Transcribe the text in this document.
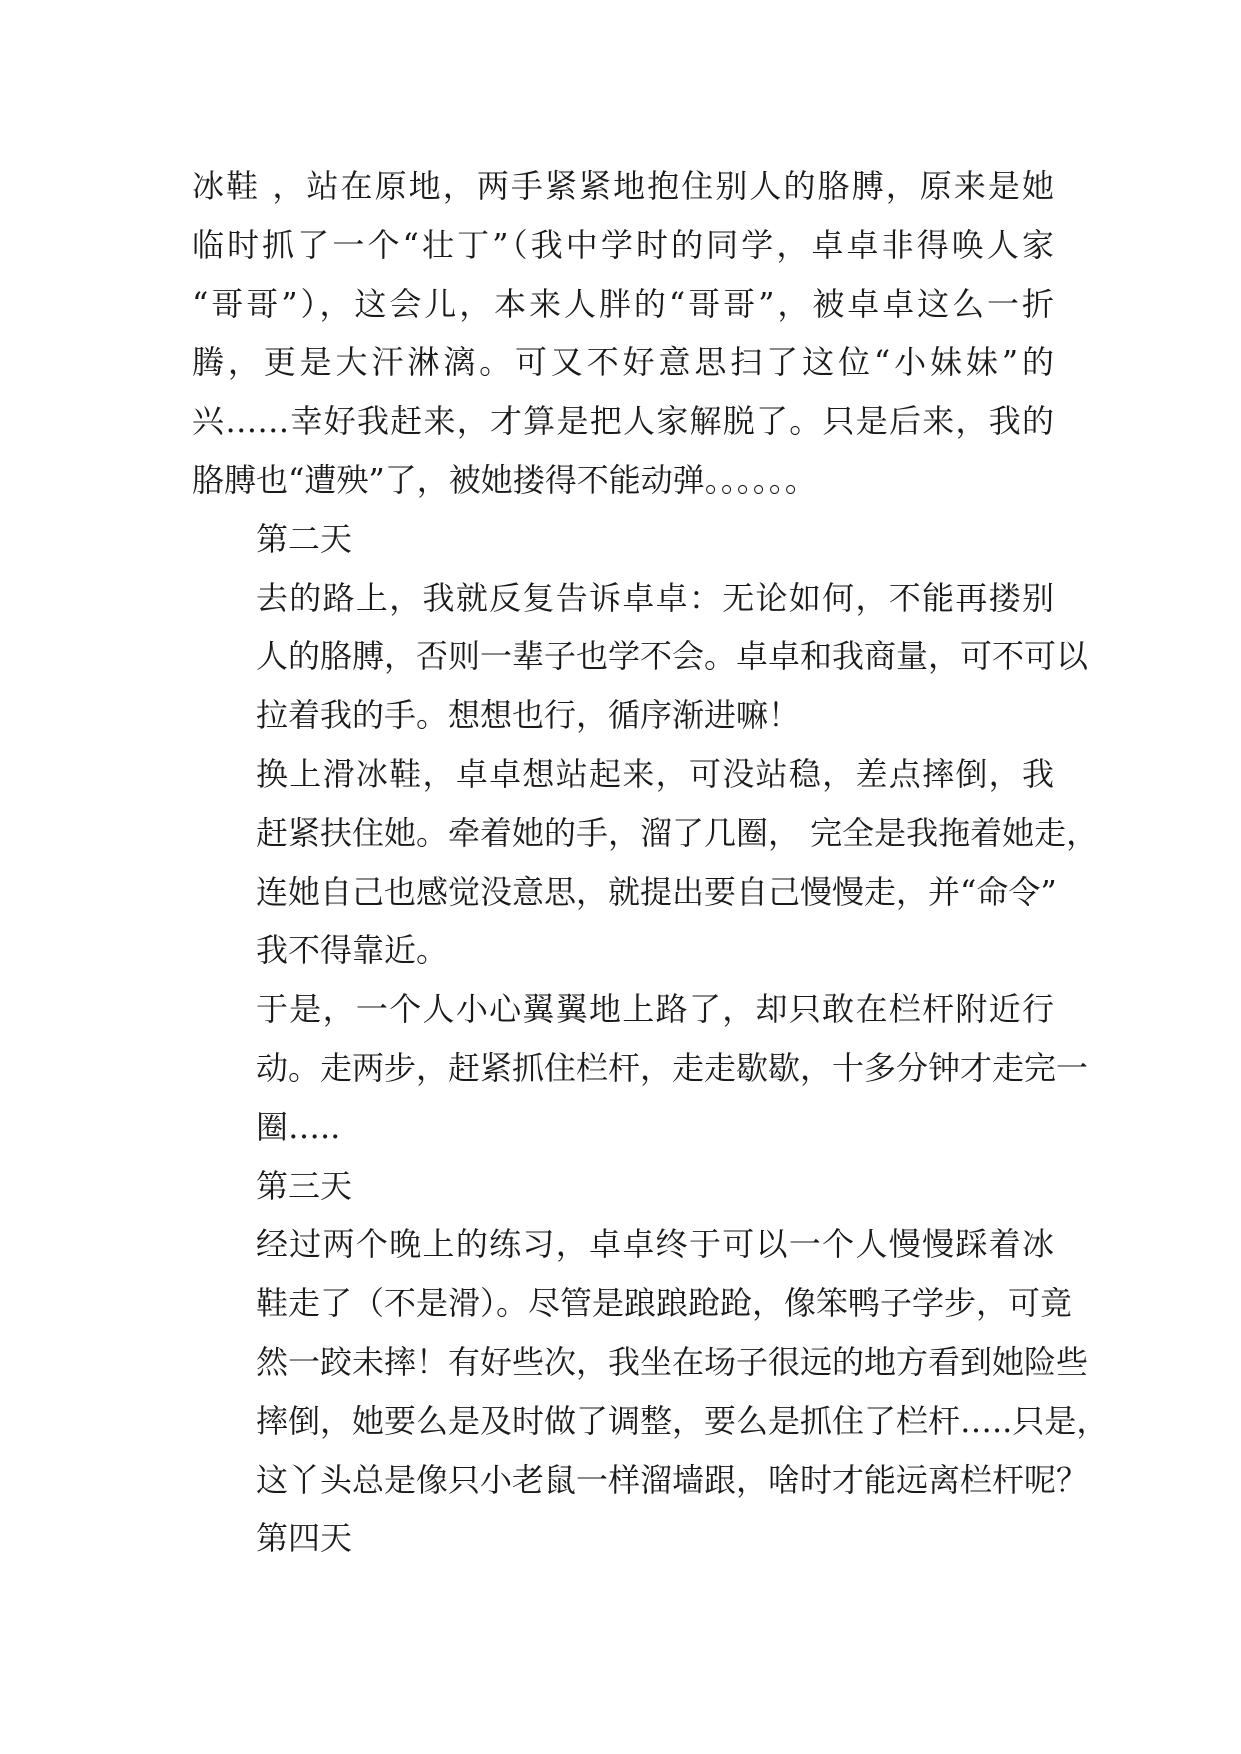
冰鞋 ，站在原地，两手紧紧地抱住别人的胳膊，原来是她
临时抓了一个“壮丁”（我中学时的同学，卓卓非得唤人家
“哥哥”），这会儿，本来人胖的“哥哥”，被卓卓这么一折
腾，更是大汗淋漓。可又不好意思扫了这位“小妹妹”的
兴……幸好我赶来，才算是把人家解脱了。只是后来，我的
胳膊也“遭殃”了，被她搂得不能动弹。。。。。。
第二天
去的路上，我就反复告诉卓卓：无论如何，不能再搂别
人的胳膊，否则一辈子也学不会。卓卓和我商量，可不可以
拉着我的手。想想也行，循序渐进嘛！
换上滑冰鞋，卓卓想站起来，可没站稳，差点摔倒，我
赶紧扶住她。牵着她的手，溜了几圈， 完全是我拖着她走，
连她自己也感觉没意思，就提出要自己慢慢走，并“命令”
我不得靠近。
于是，一个人小心翼翼地上路了，却只敢在栏杆附近行
动。走两步，赶紧抓住栏杆，走走歇歇，十多分钟才走完一
圈…..
第三天
经过两个晚上的练习，卓卓终于可以一个人慢慢踩着冰
鞋走了（不是滑）。尽管是踉踉跄跄，像笨鸭子学步，可竟
然一跤未摔！有好些次，我坐在场子很远的地方看到她险些
摔倒，她要么是及时做了调整，要么是抓住了栏杆…..只是，
这丫头总是像只小老鼠一样溜墙跟，啥时才能远离栏杆呢？
第四天
